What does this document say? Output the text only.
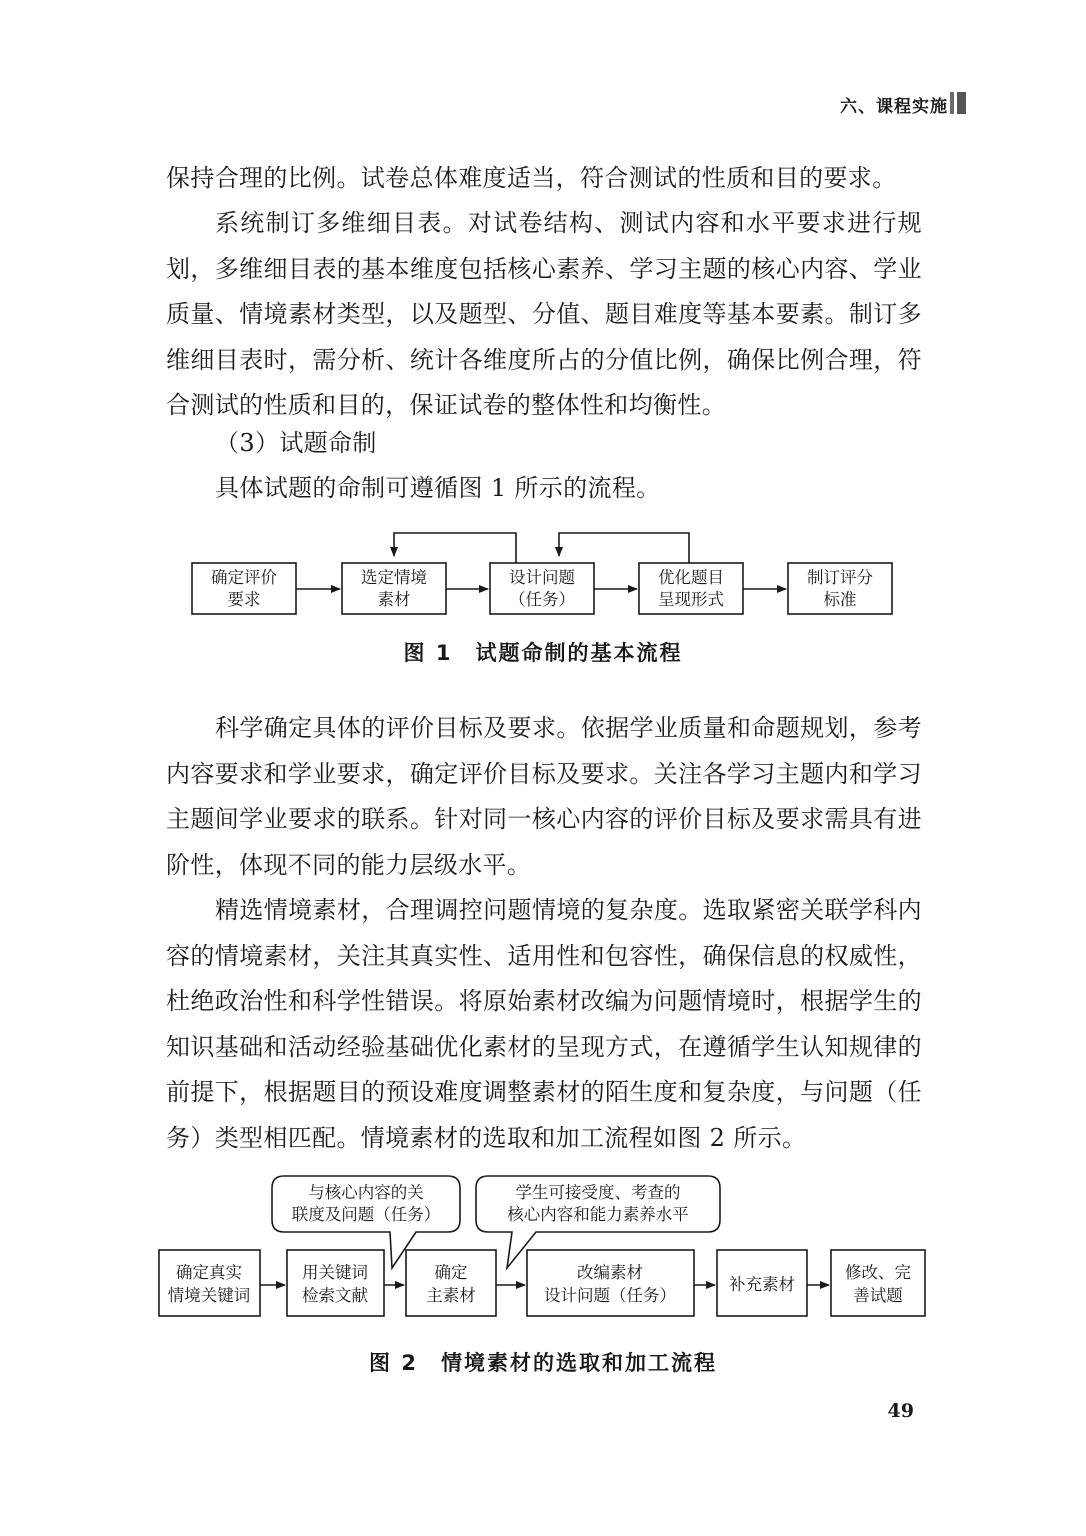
六、课程实施

保持合理的比例。试卷总体难度适当，符合测试的性质和目的要求。

系统制订多维细目表。对试卷结构、测试内容和水平要求进行规划，多维细目表的基本维度包括核心素养、学习主题的核心内容、学业质量、情境素材类型，以及题型、分值、题目难度等基本要素。制订多维细目表时，需分析、统计各维度所占的分值比例，确保比例合理，符合测试的性质和目的，保证试卷的整体性和均衡性。

（3）试题命制

具体试题的命制可遵循图 1 所示的流程。

确定评价
要求
选定情境
素材
设计问题
（任务）
优化题目
呈现形式
制订评分
标准
图 1　试题命制的基本流程

科学确定具体的评价目标及要求。依据学业质量和命题规划，参考内容要求和学业要求，确定评价目标及要求。关注各学习主题内和学习主题间学业要求的联系。针对同一核心内容的评价目标及要求需具有进阶性，体现不同的能力层级水平。

精选情境素材，合理调控问题情境的复杂度。选取紧密关联学科内容的情境素材，关注其真实性、适用性和包容性，确保信息的权威性，杜绝政治性和科学性错误。将原始素材改编为问题情境时，根据学生的知识基础和活动经验基础优化素材的呈现方式，在遵循学生认知规律的前提下，根据题目的预设难度调整素材的陌生度和复杂度，与问题（任务）类型相匹配。情境素材的选取和加工流程如图 2 所示。

与核心内容的关
联度及问题（任务）
学生可接受度、考查的
核心内容和能力素养水平
确定真实
情境关键词
用关键词
检索文献
确定
主素材
改编素材
设计问题（任务）
补充素材
修改、完
善试题
图 2　情境素材的选取和加工流程
49
